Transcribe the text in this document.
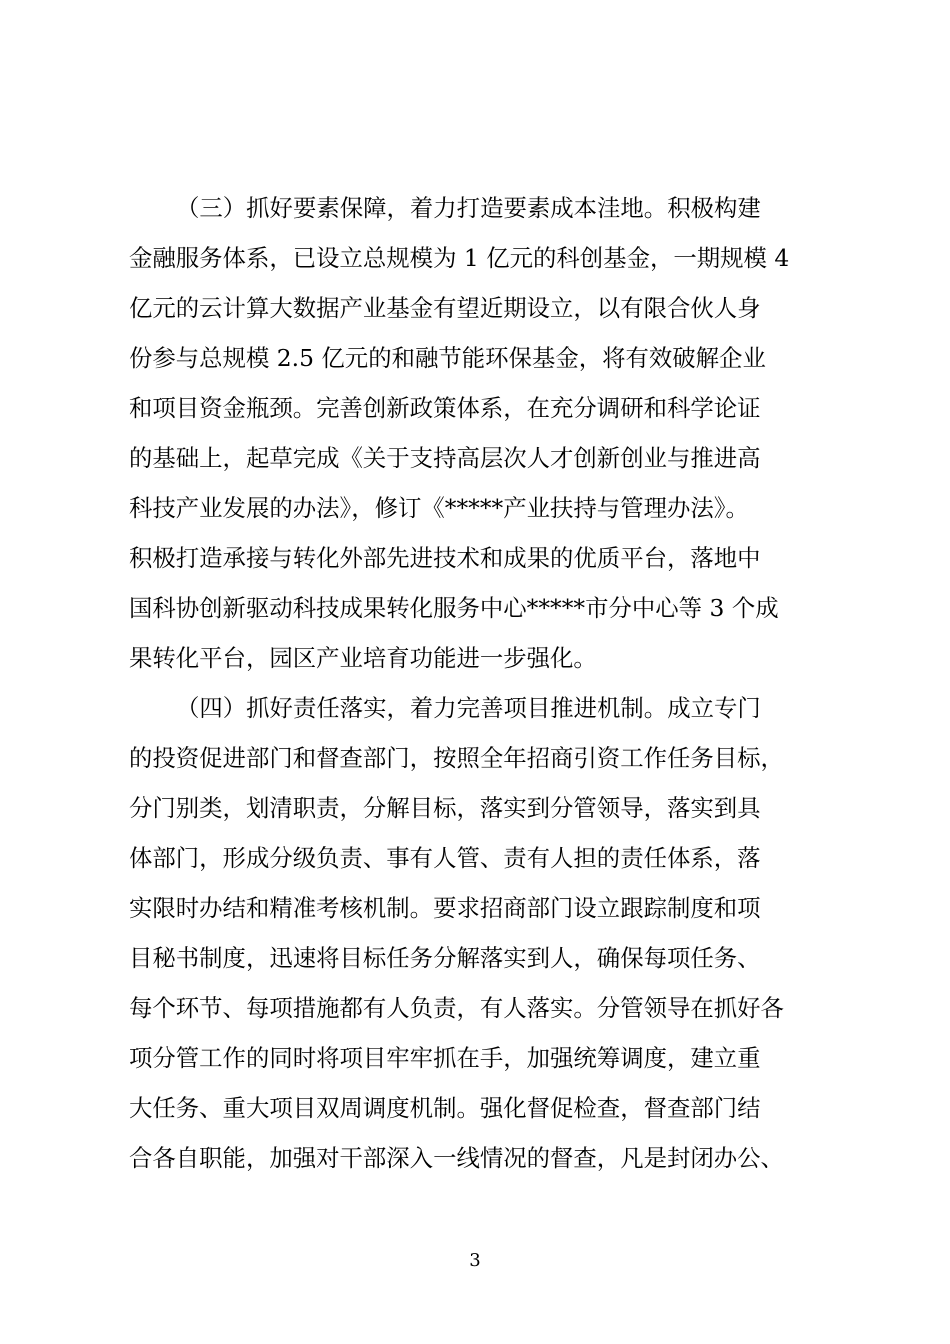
（三）抓好要素保障，着力打造要素成本洼地。积极构建
金融服务体系，已设立总规模为 1 亿元的科创基金，一期规模 4
亿元的云计算大数据产业基金有望近期设立，以有限合伙人身
份参与总规模 2.5 亿元的和融节能环保基金，将有效破解企业
和项目资金瓶颈。完善创新政策体系，在充分调研和科学论证
的基础上，起草完成《关于支持高层次人才创新创业与推进高
科技产业发展的办法》，修订《*****产业扶持与管理办法》。
积极打造承接与转化外部先进技术和成果的优质平台，落地中
国科协创新驱动科技成果转化服务中心*****市分中心等 3 个成
果转化平台，园区产业培育功能进一步强化。
（四）抓好责任落实，着力完善项目推进机制。成立专门
的投资促进部门和督查部门，按照全年招商引资工作任务目标，
分门别类，划清职责，分解目标，落实到分管领导，落实到具
体部门，形成分级负责、事有人管、责有人担的责任体系，落
实限时办结和精准考核机制。要求招商部门设立跟踪制度和项
目秘书制度，迅速将目标任务分解落实到人，确保每项任务、
每个环节、每项措施都有人负责，有人落实。分管领导在抓好各
项分管工作的同时将项目牢牢抓在手，加强统筹调度，建立重
大任务、重大项目双周调度机制。强化督促检查，督查部门结
合各自职能，加强对干部深入一线情况的督查，凡是封闭办公、
3
